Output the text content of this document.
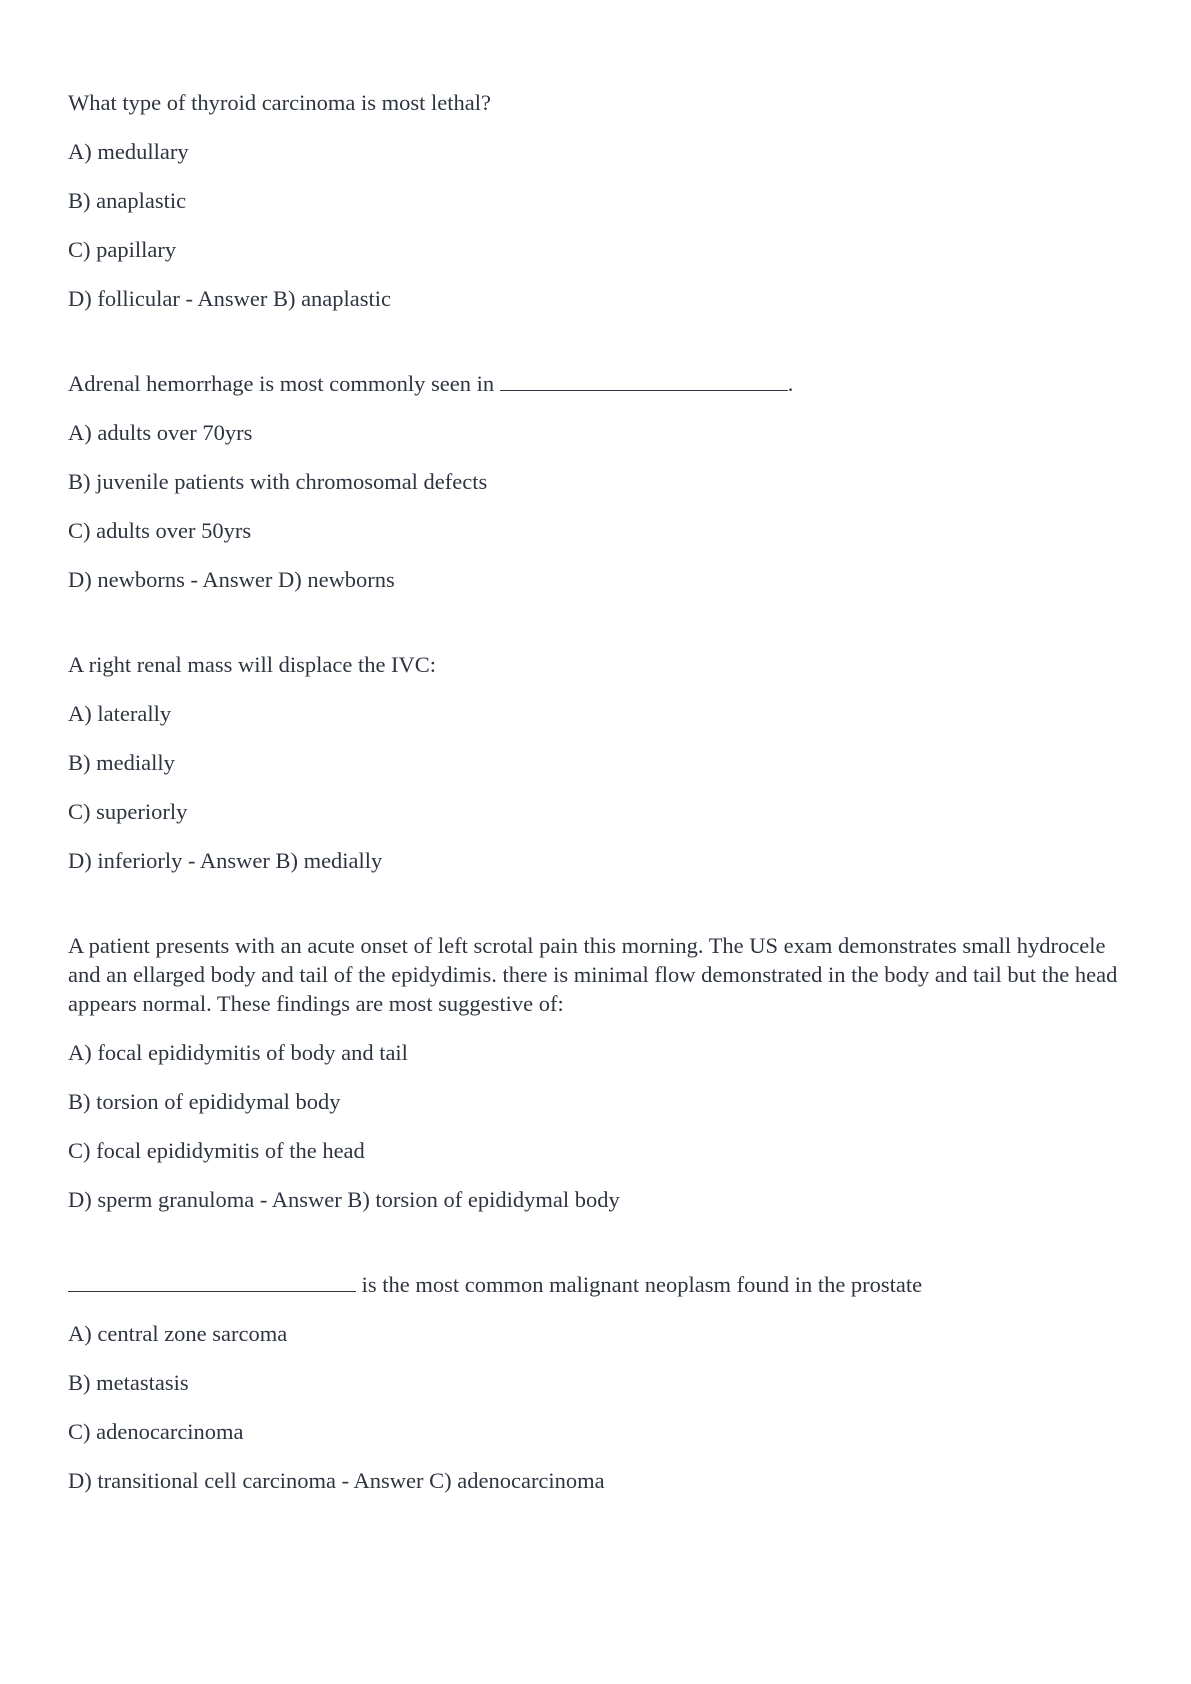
What type of thyroid carcinoma is most lethal?

A) medullary

B) anaplastic

C) papillary

D) follicular - Answer B) anaplastic

Adrenal hemorrhage is most commonly seen in	.

A) adults over 70yrs

B) juvenile patients with chromosomal defects

C) adults over 50yrs

D) newborns - Answer D) newborns

A right renal mass will displace the IVC:

A) laterally

B) medially

C) superiorly

D) inferiorly - Answer B) medially

A patient presents with an acute onset of left scrotal pain this morning. The US exam demonstrates small hydrocele and an ellarged body and tail of the epidydimis. there is minimal flow demonstrated in the body and tail but the head appears normal. These findings are most suggestive of:

A) focal epididymitis of body and tail

B) torsion of epididymal body

C) focal epididymitis of the head

D) sperm granuloma - Answer B) torsion of epididymal body

is the most common malignant neoplasm found in the prostate

A) central zone sarcoma

B) metastasis

C) adenocarcinoma

D) transitional cell carcinoma - Answer C) adenocarcinoma
